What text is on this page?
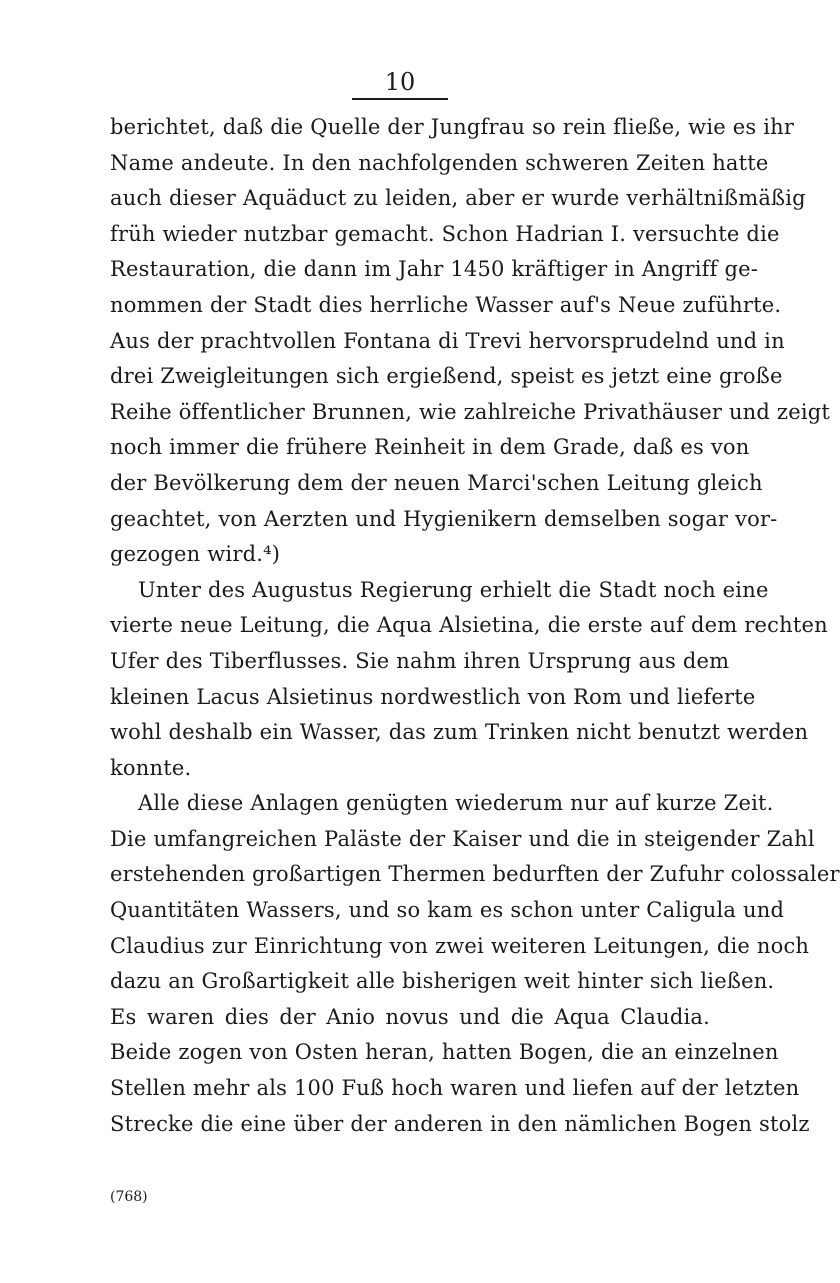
10
berichtet, daß die Quelle der Jungfrau so rein fließe, wie es ihr
Name andeute. In den nachfolgenden schweren Zeiten hatte
auch dieser Aquäduct zu leiden, aber er wurde verhältnißmäßig
früh wieder nutzbar gemacht. Schon Hadrian I. versuchte die
Restauration, die dann im Jahr 1450 kräftiger in Angriff ge-
nommen der Stadt dies herrliche Wasser auf's Neue zuführte.
Aus der prachtvollen Fontana di Trevi hervorsprudelnd und in
drei Zweigleitungen sich ergießend, speist es jetzt eine große
Reihe öffentlicher Brunnen, wie zahlreiche Privathäuser und zeigt
noch immer die frühere Reinheit in dem Grade, daß es von
der Bevölkerung dem der neuen Marci'schen Leitung gleich
geachtet, von Aerzten und Hygienikern demselben sogar vor-
gezogen wird.⁴)
Unter des Augustus Regierung erhielt die Stadt noch eine
vierte neue Leitung, die Aqua Alsietina, die erste auf dem rechten
Ufer des Tiberflusses. Sie nahm ihren Ursprung aus dem
kleinen Lacus Alsietinus nordwestlich von Rom und lieferte
wohl deshalb ein Wasser, das zum Trinken nicht benutzt werden
konnte.
Alle diese Anlagen genügten wiederum nur auf kurze Zeit.
Die umfangreichen Paläste der Kaiser und die in steigender Zahl
erstehenden großartigen Thermen bedurften der Zufuhr colossaler
Quantitäten Wassers, und so kam es schon unter Caligula und
Claudius zur Einrichtung von zwei weiteren Leitungen, die noch
dazu an Großartigkeit alle bisherigen weit hinter sich ließen.
Es waren dies der Anio novus und die Aqua Claudia.
Beide zogen von Osten heran, hatten Bogen, die an einzelnen
Stellen mehr als 100 Fuß hoch waren und liefen auf der letzten
Strecke die eine über der anderen in den nämlichen Bogen stolz
(768)
